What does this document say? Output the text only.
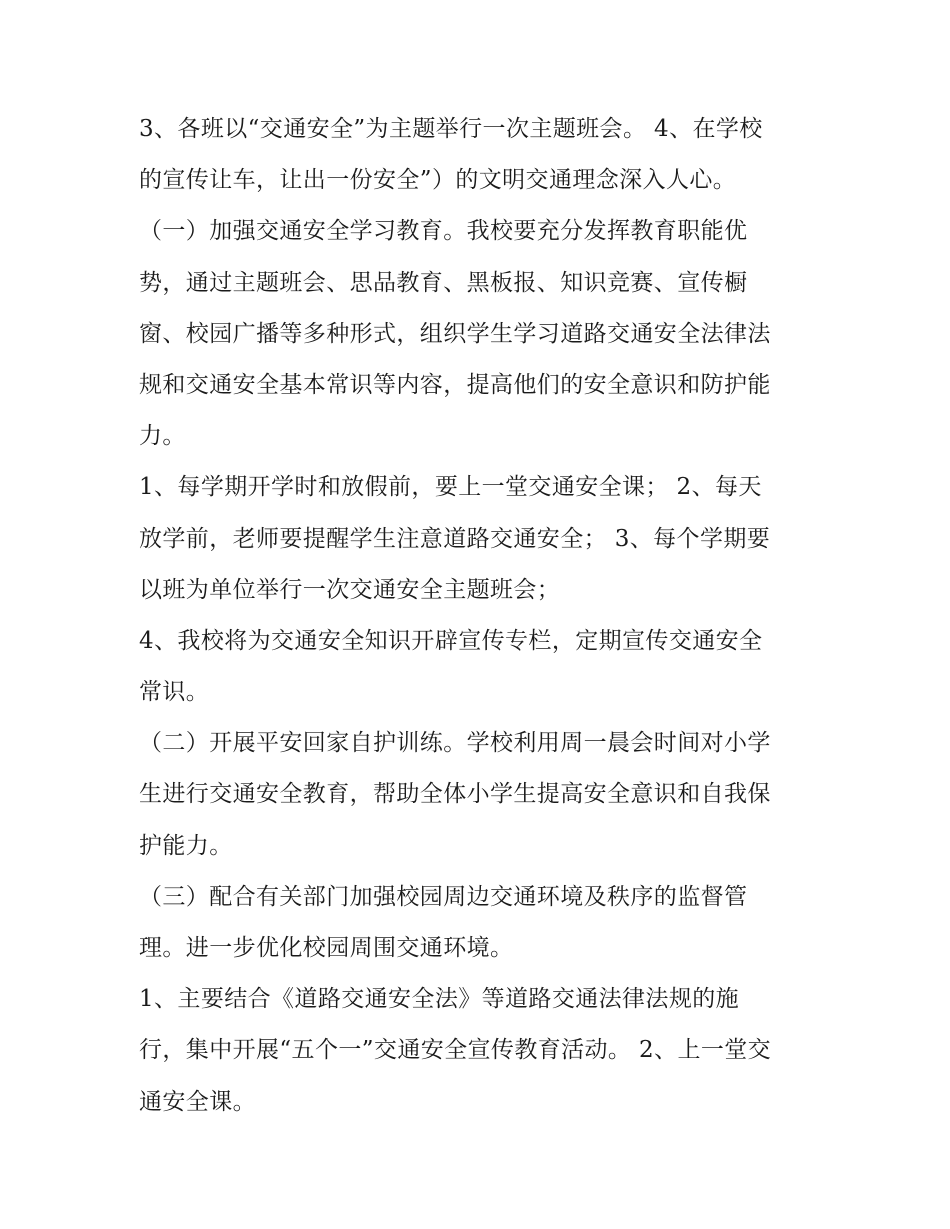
3、各班以“交通安全”为主题举行一次主题班会。 4、在学校
的宣传让车，让出一份安全”）的文明交通理念深入人心。
（一）加强交通安全学习教育。我校要充分发挥教育职能优
势，通过主题班会、思品教育、黑板报、知识竞赛、宣传橱
窗、校园广播等多种形式，组织学生学习道路交通安全法律法
规和交通安全基本常识等内容，提高他们的安全意识和防护能
力。
1、每学期开学时和放假前，要上一堂交通安全课； 2、每天
放学前，老师要提醒学生注意道路交通安全； 3、每个学期要
以班为单位举行一次交通安全主题班会；
4、我校将为交通安全知识开辟宣传专栏，定期宣传交通安全
常识。
（二）开展平安回家自护训练。学校利用周一晨会时间对小学
生进行交通安全教育，帮助全体小学生提高安全意识和自我保
护能力。
（三）配合有关部门加强校园周边交通环境及秩序的监督管
理。进一步优化校园周围交通环境。
1、主要结合《道路交通安全法》等道路交通法律法规的施
行，集中开展“五个一”交通安全宣传教育活动。 2、上一堂交
通安全课。
